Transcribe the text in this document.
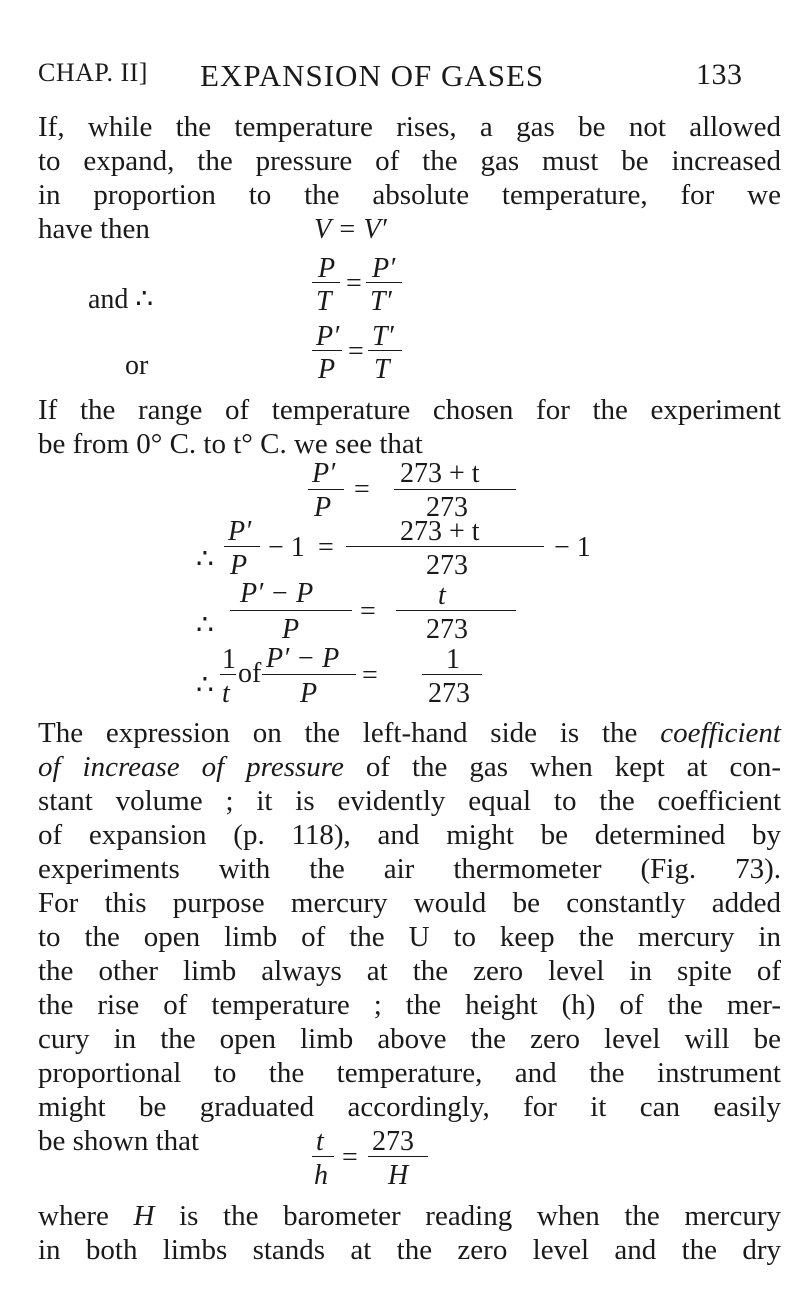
CHAP. II] EXPANSION OF GASES	133
If, while the temperature rises, a gas be not allowed
to expand, the pressure of the gas must be increased
in proportion to the absolute temperature, for we
have then	V = V′
and ∴
P
T
= P′
T′
or
P′
P
= T′
T
If the range of temperature chosen for the experiment
be from 0° C. to t° C. we see that
P′
P
=
273 + t
273
∴
P′
P
− 1 =
273 + t
273
− 1
∴
P′ − P
P
=
t
273
∴
1
t
of P′ − P
P
=
1
273
The expression on the left-hand side is the coefficient
of increase of pressure of the gas when kept at con-
stant volume ; it is evidently equal to the coefficient
of expansion (p. 118), and might be determined by
experiments with the air thermometer (Fig. 73).
For this purpose mercury would be constantly added
to the open limb of the U to keep the mercury in
the other limb always at the zero level in spite of
the rise of temperature ; the height (h) of the mer-
cury in the open limb above the zero level will be
proportional to the temperature, and the instrument
might be graduated accordingly, for it can easily
be shown that	t
h
=
273
H
where H is the barometer reading when the mercury
in both limbs stands at the zero level and the dry
